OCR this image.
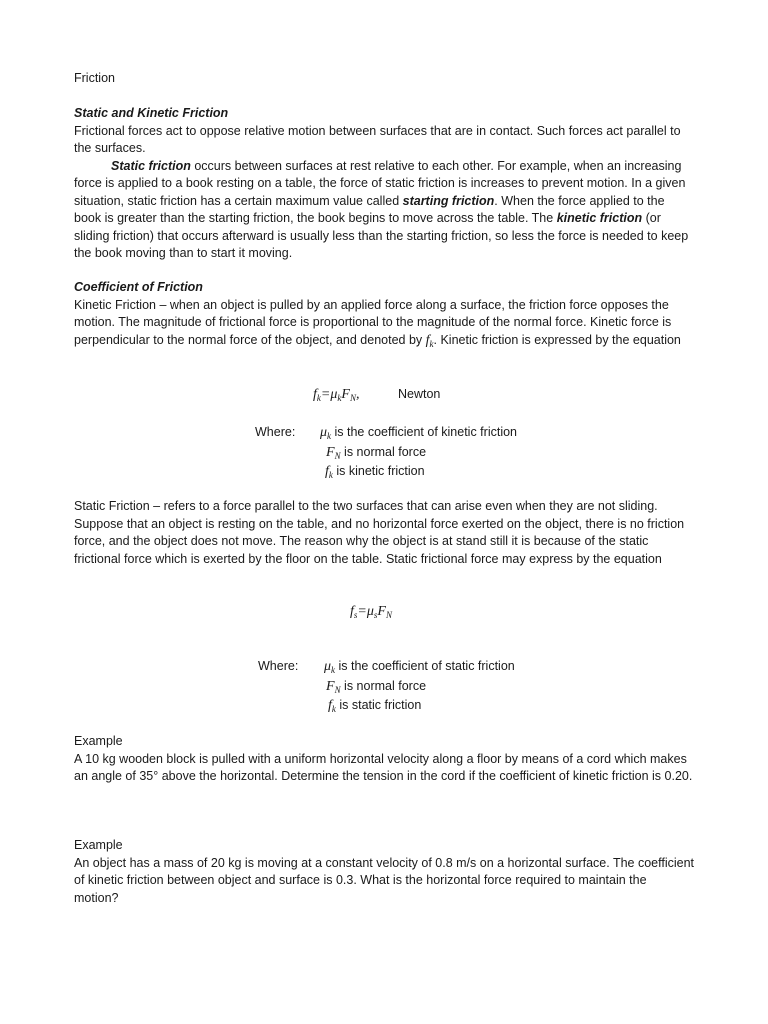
Friction
Static and Kinetic Friction
Frictional forces act to oppose relative motion between surfaces that are in contact. Such forces act parallel to the surfaces.
Static friction occurs between surfaces at rest relative to each other. For example, when an increasing force is applied to a book resting on a table, the force of static friction is increases to prevent motion. In a given situation, static friction has a certain maximum value called starting friction. When the force applied to the book is greater than the starting friction, the book begins to move across the table. The kinetic friction (or sliding friction) that occurs afterward is usually less than the starting friction, so less the force is needed to keep the book moving than to start it moving.
Coefficient of Friction
Kinetic Friction – when an object is pulled by an applied force along a surface, the friction force opposes the motion. The magnitude of frictional force is proportional to the magnitude of the normal force. Kinetic force is perpendicular to the normal force of the object, and denoted by $f_k$. Kinetic friction is expressed by the equation
$f_k=\mu_kF_N$,	Newton
Where: $\mu_k$ is the coefficient of kinetic friction
$F_N$ is normal force
$f_k$ is kinetic friction
Static Friction – refers to a force parallel to the two surfaces that can arise even when they are not sliding. Suppose that an object is resting on the table, and no horizontal force exerted on the object, there is no friction force, and the object does not move. The reason why the object is at stand still it is because of the static frictional force which is exerted by the floor on the table. Static frictional force may express by the equation
$f_s=\mu_sF_N$
Where: $\mu_k$ is the coefficient of static friction
$F_N$ is normal force
$f_k$ is static friction
Example
A 10 kg wooden block is pulled with a uniform horizontal velocity along a floor by means of a cord which makes an angle of 35° above the horizontal. Determine the tension in the cord if the coefficient of kinetic friction is 0.20.
Example
An object has a mass of 20 kg is moving at a constant velocity of 0.8 m/s on a horizontal surface. The coefficient of kinetic friction between object and surface is 0.3. What is the horizontal force required to maintain the motion?
